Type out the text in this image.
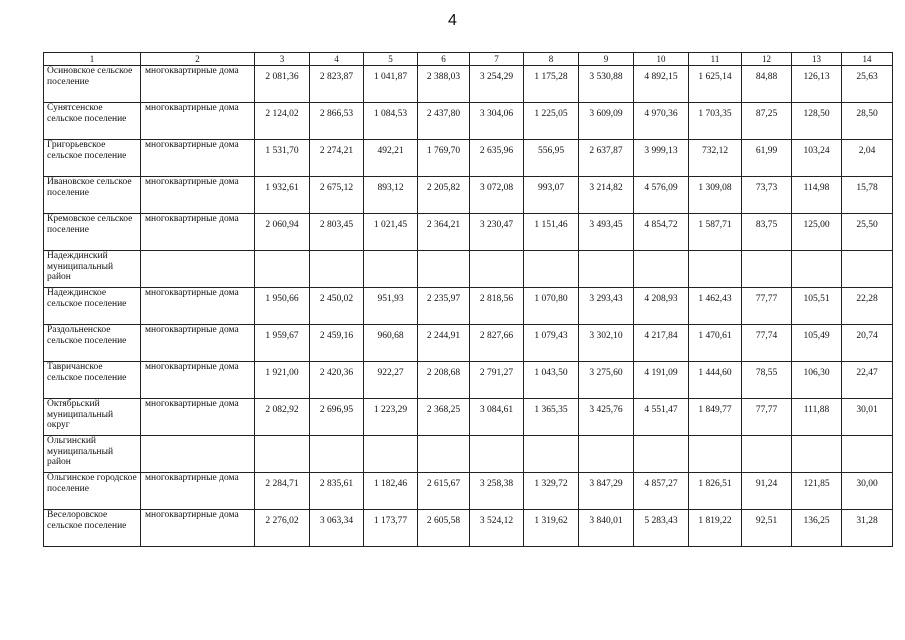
4
1	2	3	4	5	6	7	8	9	10	11	12	13	14
Осиновское сельское поселение	многоквартирные дома	2 081,36	2 823,87	1 041,87	2 388,03	3 254,29	1 175,28	3 530,88	4 892,15	1 625,14	84,88	126,13	25,63
Сунятсенское сельское поселение	многоквартирные дома	2 124,02	2 866,53	1 084,53	2 437,80	3 304,06	1 225,05	3 609,09	4 970,36	1 703,35	87,25	128,50	28,50
Григорьевское сельское поселение	многоквартирные дома	1 531,70	2 274,21	492,21	1 769,70	2 635,96	556,95	2 637,87	3 999,13	732,12	61,99	103,24	2,04
Ивановское сельское поселение	многоквартирные дома	1 932,61	2 675,12	893,12	2 205,82	3 072,08	993,07	3 214,82	4 576,09	1 309,08	73,73	114,98	15,78
Кремовское сельское поселение	многоквартирные дома	2 060,94	2 803,45	1 021,45	2 364,21	3 230,47	1 151,46	3 493,45	4 854,72	1 587,71	83,75	125,00	25,50
Надеждинский муниципальный район													
Надеждинское сельское поселение	многоквартирные дома	1 950,66	2 450,02	951,93	2 235,97	2 818,56	1 070,80	3 293,43	4 208,93	1 462,43	77,77	105,51	22,28
Раздольненское сельское поселение	многоквартирные дома	1 959,67	2 459,16	960,68	2 244,91	2 827,66	1 079,43	3 302,10	4 217,84	1 470,61	77,74	105,49	20,74
Тавричанское сельское поселение	многоквартирные дома	1 921,00	2 420,36	922,27	2 208,68	2 791,27	1 043,50	3 275,60	4 191,09	1 444,60	78,55	106,30	22,47
Октябрьский муниципальный округ	многоквартирные дома	2 082,92	2 696,95	1 223,29	2 368,25	3 084,61	1 365,35	3 425,76	4 551,47	1 849,77	77,77	111,88	30,01
Ольгинский муниципальный район													
Ольгинское городское поселение	многоквартирные дома	2 284,71	2 835,61	1 182,46	2 615,67	3 258,38	1 329,72	3 847,29	4 857,27	1 826,51	91,24	121,85	30,00
Веселоровское сельское поселение	многоквартирные дома	2 276,02	3 063,34	1 173,77	2 605,58	3 524,12	1 319,62	3 840,01	5 283,43	1 819,22	92,51	136,25	31,28
